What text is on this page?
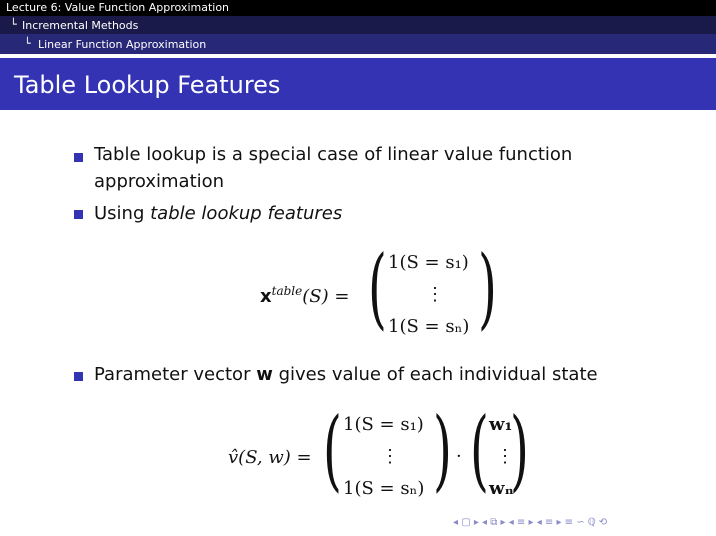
Lecture 6: Value Function Approximation
└ Incremental Methods
└ Linear Function Approximation
Table Lookup Features
Table lookup is a special case of linear value function
approximation
Using table lookup features
$x^{table}(S)$ = ( 1(S = s₁)
⋮
1(S = sₙ) )
Parameter vector w gives value of each individual state
v̂(S, w) = ( 1(S = s₁)
⋮
1(S = sₙ) ) · ( w₁
⋮
wₙ
)
◂ ▢ ▸ ◂ ⧉ ▸ ◂ ≡ ▸ ◂ ≡ ▸ ≡ ∽ ℚ ⟲
